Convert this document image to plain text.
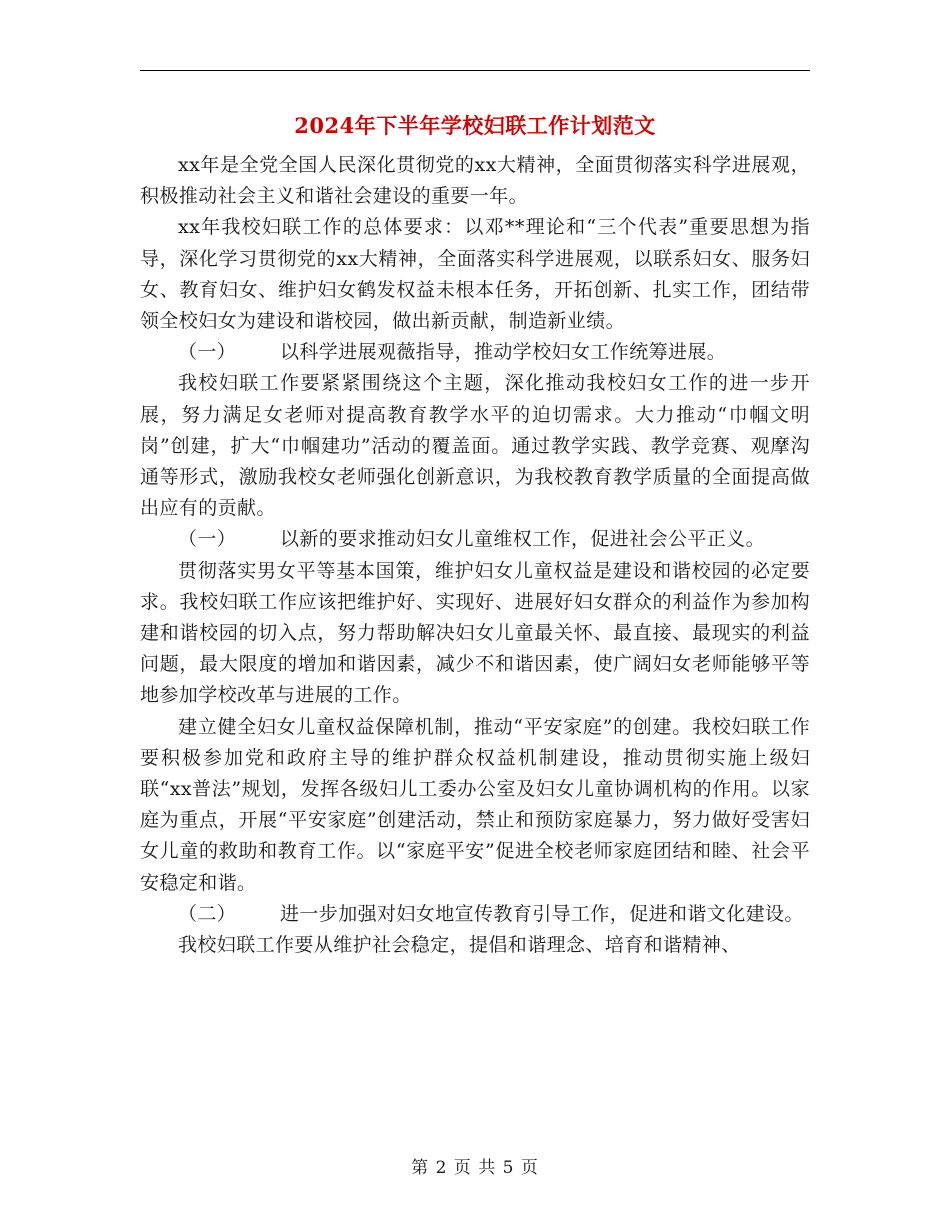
2024年下半年学校妇联工作计划范文

xx年是全党全国人民深化贯彻党的xx大精神，全面贯彻落实科学进展观，积极推动社会主义和谐社会建设的重要一年。

xx年我校妇联工作的总体要求：以邓**理论和“三个代表”重要思想为指导，深化学习贯彻党的xx大精神，全面落实科学进展观，以联系妇女、服务妇女、教育妇女、维护妇女鹤发权益未根本任务，开拓创新、扎实工作，团结带领全校妇女为建设和谐校园，做出新贡献，制造新业绩。

（一） 以科学进展观薇指导，推动学校妇女工作统筹进展。

我校妇联工作要紧紧围绕这个主题，深化推动我校妇女工作的进一步开展，努力满足女老师对提高教育教学水平的迫切需求。大力推动“巾帼文明岗”创建，扩大“巾帼建功”活动的覆盖面。通过教学实践、教学竞赛、观摩沟通等形式，激励我校女老师强化创新意识，为我校教育教学质量的全面提高做出应有的贡献。

（一） 以新的要求推动妇女儿童维权工作，促进社会公平正义。

贯彻落实男女平等基本国策，维护妇女儿童权益是建设和谐校园的必定要求。我校妇联工作应该把维护好、实现好、进展好妇女群众的利益作为参加构建和谐校园的切入点，努力帮助解决妇女儿童最关怀、最直接、最现实的利益问题，最大限度的增加和谐因素，减少不和谐因素，使广阔妇女老师能够平等地参加学校改革与进展的工作。

建立健全妇女儿童权益保障机制，推动“平安家庭”的创建。我校妇联工作要积极参加党和政府主导的维护群众权益机制建设，推动贯彻实施上级妇联“xx普法”规划，发挥各级妇儿工委办公室及妇女儿童协调机构的作用。以家庭为重点，开展“平安家庭”创建活动，禁止和预防家庭暴力，努力做好受害妇女儿童的救助和教育工作。以“家庭平安”促进全校老师家庭团结和睦、社会平安稳定和谐。

（二） 进一步加强对妇女地宣传教育引导工作，促进和谐文化建设。

我校妇联工作要从维护社会稳定，提倡和谐理念、培育和谐精神、

第 2 页 共 5 页
